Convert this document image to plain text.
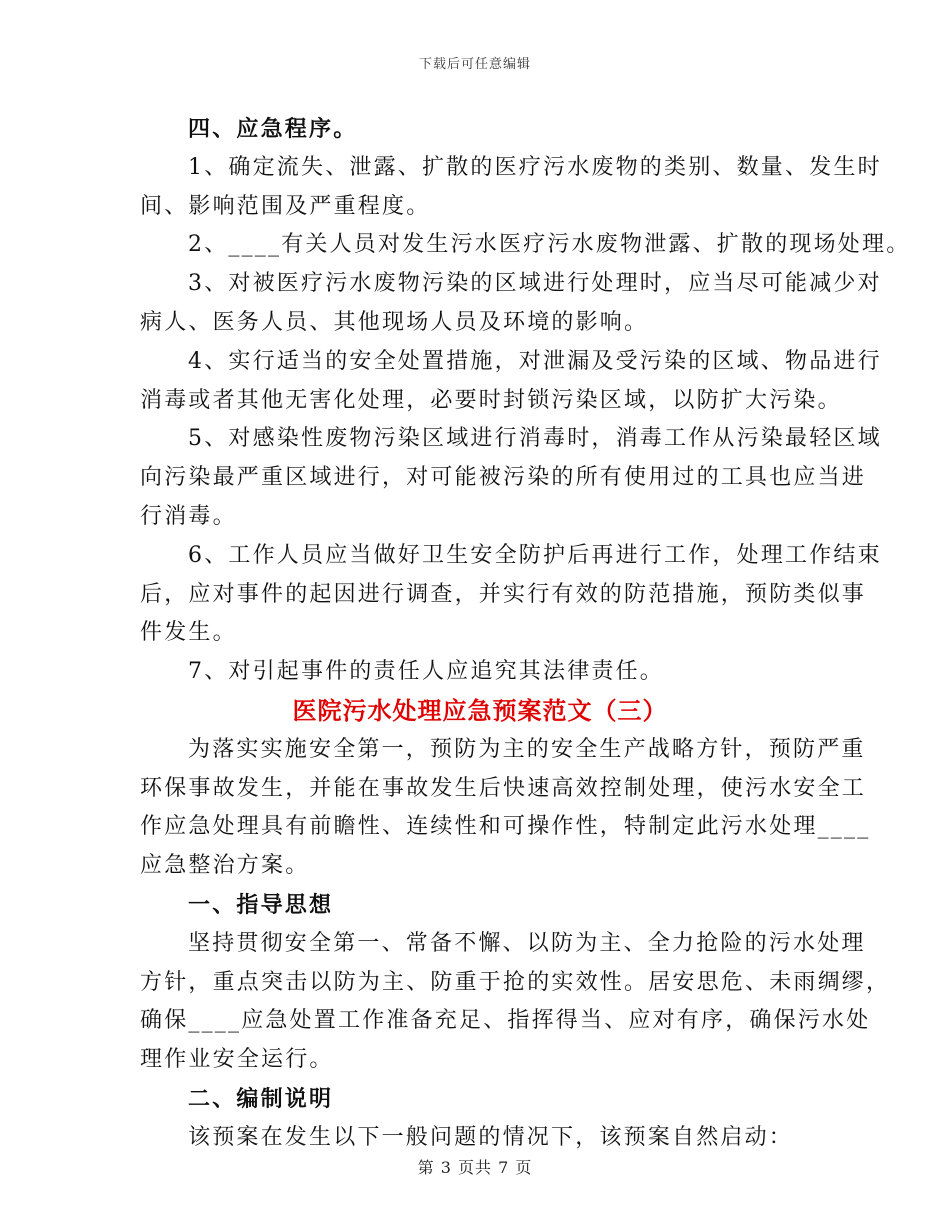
下载后可任意编辑
四、应急程序。
1、确定流失、泄露、扩散的医疗污水废物的类别、数量、发生时
间、影响范围及严重程度。
2、____有关人员对发生污水医疗污水废物泄露、扩散的现场处理。
3、对被医疗污水废物污染的区域进行处理时，应当尽可能减少对
病人、医务人员、其他现场人员及环境的影响。
4、实行适当的安全处置措施，对泄漏及受污染的区域、物品进行
消毒或者其他无害化处理，必要时封锁污染区域，以防扩大污染。
5、对感染性废物污染区域进行消毒时，消毒工作从污染最轻区域
向污染最严重区域进行，对可能被污染的所有使用过的工具也应当进
行消毒。
6、工作人员应当做好卫生安全防护后再进行工作，处理工作结束
后，应对事件的起因进行调查，并实行有效的防范措施，预防类似事
件发生。
7、对引起事件的责任人应追究其法律责任。
医院污水处理应急预案范文（三）
为落实实施安全第一，预防为主的安全生产战略方针，预防严重
环保事故发生，并能在事故发生后快速高效控制处理，使污水安全工
作应急处理具有前瞻性、连续性和可操作性，特制定此污水处理____
应急整治方案。
一、指导思想
坚持贯彻安全第一、常备不懈、以防为主、全力抢险的污水处理
方针，重点突击以防为主、防重于抢的实效性。居安思危、未雨绸缪，
确保____应急处置工作准备充足、指挥得当、应对有序，确保污水处
理作业安全运行。
二、编制说明
该预案在发生以下一般问题的情况下，该预案自然启动：
第 3 页共 7 页
